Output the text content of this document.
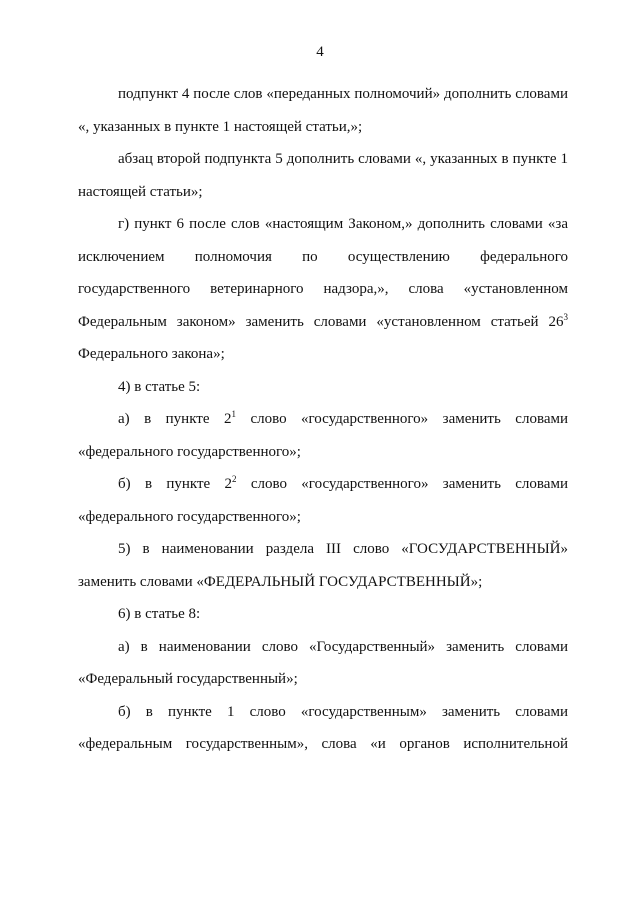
4

подпункт 4 после слов «переданных полномочий» дополнить словами «, указанных в пункте 1 настоящей статьи,»;

абзац второй подпункта 5 дополнить словами «, указанных в пункте 1 настоящей статьи»;

г) пункт 6 после слов «настоящим Законом,» дополнить словами «за исключением полномочия по осуществлению федерального государственного ветеринарного надзора,», слова «установленном Федеральным законом» заменить словами «установленном статьей $26^3$ Федерального закона»;

4) в статье 5:

а) в пункте $2^1$ слово «государственного» заменить словами «федерального государственного»;

б) в пункте $2^2$ слово «государственного» заменить словами «федерального государственного»;

5) в наименовании раздела III слово «ГОСУДАРСТВЕННЫЙ» заменить словами «ФЕДЕРАЛЬНЫЙ ГОСУДАРСТВЕННЫЙ»;

6) в статье 8:

а) в наименовании слово «Государственный» заменить словами «Федеральный государственный»;

б) в пункте 1 слово «государственным» заменить словами «федеральным государственным», слова «и органов исполнительной
